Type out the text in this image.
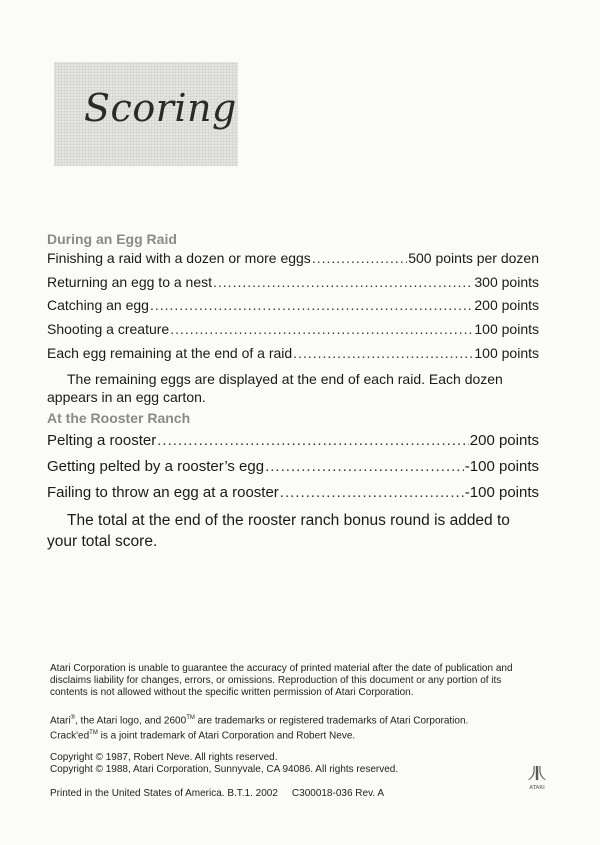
Scoring
During an Egg Raid
Finishing a raid with a dozen or more eggs .....	500 points per dozen
Returning an egg to a nest .....	300 points
Catching an egg .....	200 points
Shooting a creature .....	100 points
Each egg remaining at the end of a raid .....	100 points
The remaining eggs are displayed at the end of each raid. Each dozen appears in an egg carton.
At the Rooster Ranch
Pelting a rooster .....	200 points
Getting pelted by a rooster’s egg .....	-100 points
Failing to throw an egg at a rooster .....	-100 points
The total at the end of the rooster ranch bonus round is added to your total score.

Atari Corporation is unable to guarantee the accuracy of printed material after the date of publication and disclaims liability for changes, errors, or omissions. Reproduction of this document or any portion of its contents is not allowed without the specific written permission of Atari Corporation.

Atari®, the Atari logo, and 2600™ are trademarks or registered trademarks of Atari Corporation.

Crack'ed™ is a joint trademark of Atari Corporation and Robert Neve.

Copyright © 1987, Robert Neve. All rights reserved.

Copyright © 1988, Atari Corporation, Sunnyvale, CA 94086. All rights reserved.

Printed in the United States of America. B.T.1. 2002 C300018-036 Rev. A	ATARI
